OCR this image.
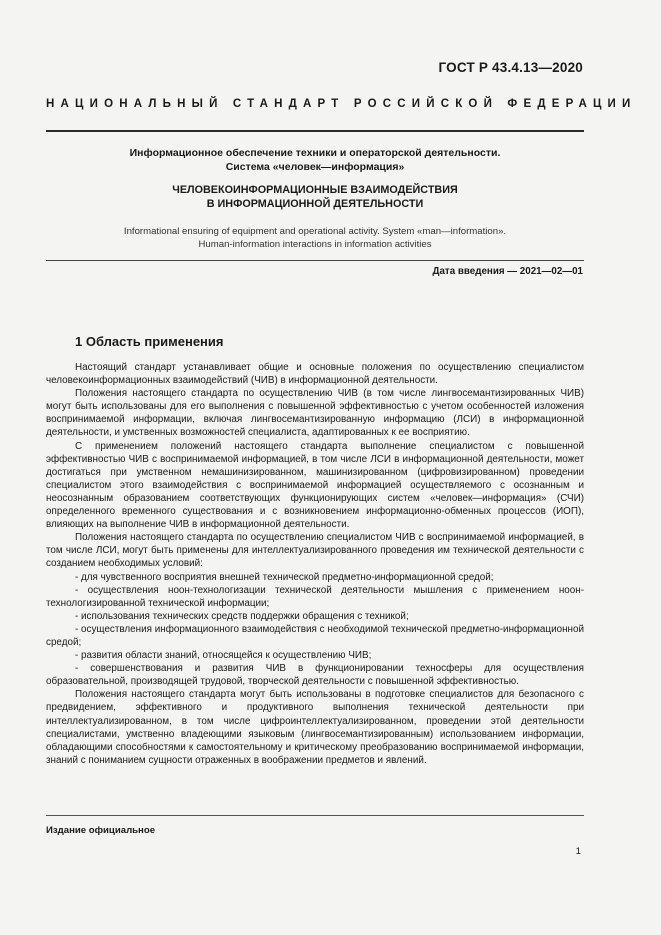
ГОСТ Р 43.4.13—2020
НАЦИОНАЛЬНЫЙ СТАНДАРТ РОССИЙСКОЙ ФЕДЕРАЦИИ
Информационное обеспечение техники и операторской деятельности.
Система «человек—информация»
ЧЕЛОВЕКОИНФОРМАЦИОННЫЕ ВЗАИМОДЕЙСТВИЯ
В ИНФОРМАЦИОННОЙ ДЕЯТЕЛЬНОСТИ
Informational ensuring of equipment and operational activity. System «man—information».
Human-information interactions in information activities
Дата введения — 2021—02—01
1 Область применения

Настоящий стандарт устанавливает общие и основные положения по осуществлению специалистом человекоинформационных взаимодействий (ЧИВ) в информационной деятельности.

Положения настоящего стандарта по осуществлению ЧИВ (в том числе лингвосемантизированных ЧИВ) могут быть использованы для его выполнения с повышенной эффективностью с учетом особенностей изложения воспринимаемой информации, включая лингвосемантизированную информацию (ЛСИ) в информационной деятельности, и умственных возможностей специалиста, адаптированных к ее восприятию.

С применением положений настоящего стандарта выполнение специалистом с повышенной эффективностью ЧИВ с воспринимаемой информацией, в том числе ЛСИ в информационной деятельности, может достигаться при умственном немашинизированном, машинизированном (цифровизированном) проведении специалистом этого взаимодействия с воспринимаемой информацией осуществляемого с осознанным и неосознанным образованием соответствующих функционирующих систем «человек—информация» (СЧИ) определенного временного существования и с возникновением информационно-обменных процессов (ИОП), влияющих на выполнение ЧИВ в информационной деятельности.

Положения настоящего стандарта по осуществлению специалистом ЧИВ с воспринимаемой информацией, в том числе ЛСИ, могут быть применены для интеллектуализированного проведения им технической деятельности с созданием необходимых условий:

- для чувственного восприятия внешней технической предметно-информационной средой;

- осуществления ноон-технологизации технической деятельности мышления с применением ноон-технологизированной технической информации;

- использования технических средств поддержки обращения с техникой;

- осуществления информационного взаимодействия с необходимой технической предметно-информационной средой;

- развития области знаний, относящейся к осуществлению ЧИВ;

- совершенствования и развития ЧИВ в функционировании техносферы для осуществления образовательной, производящей трудовой, творческой деятельности с повышенной эффективностью.

Положения настоящего стандарта могут быть использованы в подготовке специалистов для безопасного с предвидением, эффективного и продуктивного выполнения технической деятельности при интеллектуализированном, в том числе цифроинтеллектуализированном, проведении этой деятельности специалистами, умственно владеющими языковым (лингвосемантизированным) использованием информации, обладающими способностями к самостоятельному и критическому преобразованию воспринимаемой информации, знаний с пониманием сущности отраженных в воображении предметов и явлений.

Издание официальное
1
